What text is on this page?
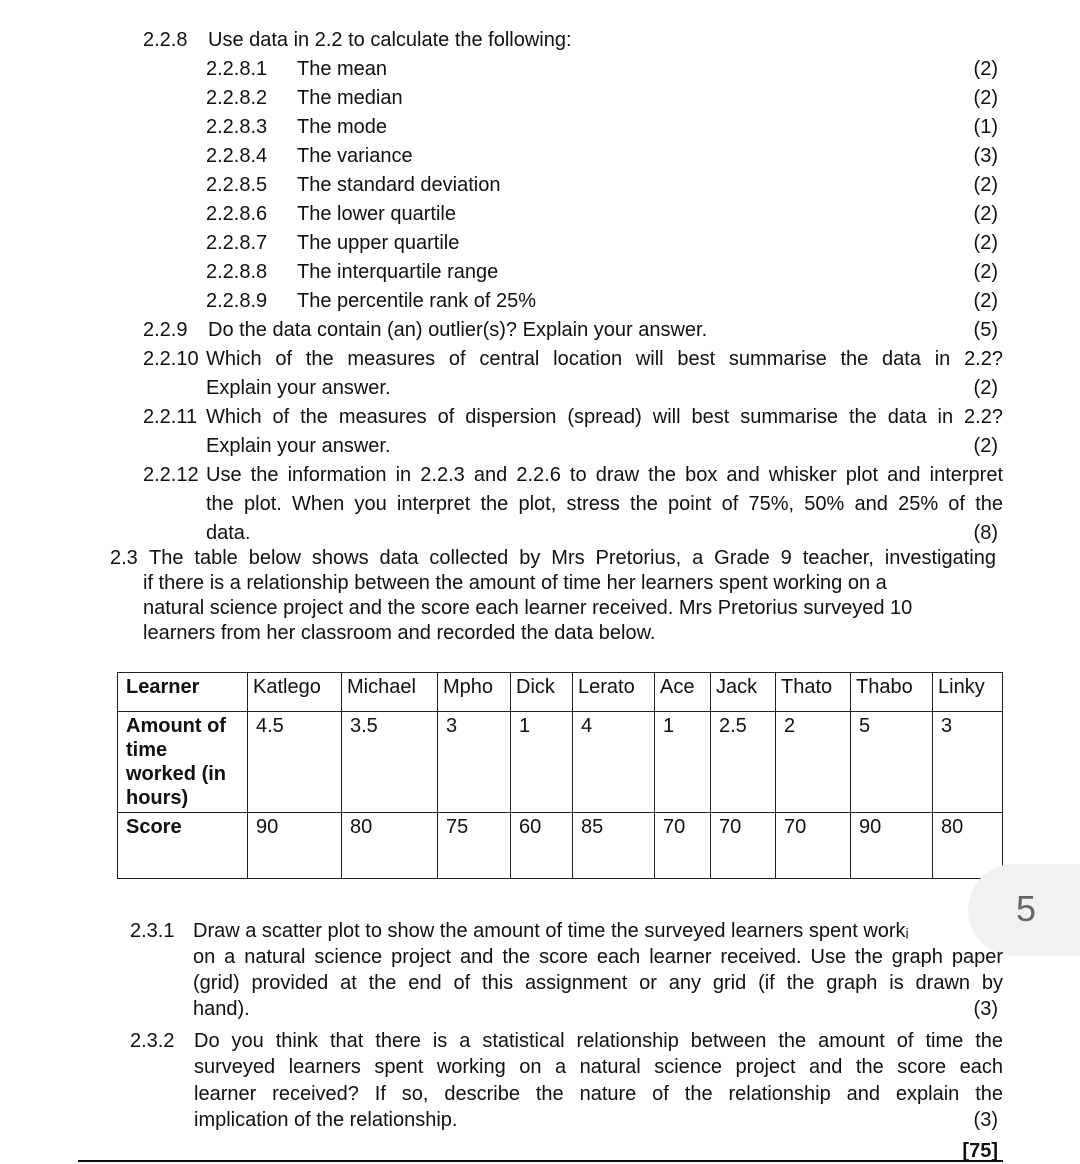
2.2.8 Use data in 2.2 to calculate the following:
2.2.8.1 The mean	(2)
2.2.8.2 The median	(2)
2.2.8.3 The mode	(1)
2.2.8.4 The variance	(3)
2.2.8.5 The standard deviation	(2)
2.2.8.6 The lower quartile	(2)
2.2.8.7 The upper quartile	(2)
2.2.8.8 The interquartile range	(2)
2.2.8.9 The percentile rank of 25%	(2)
2.2.9 Do the data contain (an) outlier(s)? Explain your answer.	(5)
2.2.10 Which of the measures of central location will best summarise the data in 2.2?
Explain your answer.	(2)
2.2.11 Which of the measures of dispersion (spread) will best summarise the data in 2.2?
Explain your answer.	(2)
2.2.12 Use the information in 2.2.3 and 2.2.6 to draw the box and whisker plot and interpret
the plot. When you interpret the plot, stress the point of 75%, 50% and 25% of the
data.	(8)
2.3 The table below shows data collected by Mrs Pretorius, a Grade 9 teacher, investigating
if there is a relationship between the amount of time her learners spent working on a
natural science project and the score each learner received. Mrs Pretorius surveyed 10
learners from her classroom and recorded the data below.
Learner	Katlego	Michael	Mpho	Dick	Lerato	Ace	Jack	Thato	Thabo	Linky
Amount of time worked (in hours)	4.5	3.5	3	1	4	1	2.5	2	5	3
Score	90	80	75	60	85	70	70	70	90	80
5
2.3.1 Draw a scatter plot to show the amount of time the surveyed learners spent workᵢ
on a natural science project and the score each learner received. Use the graph paper
(grid) provided at the end of this assignment or any grid (if the graph is drawn by
hand).	(3)
2.3.2 Do you think that there is a statistical relationship between the amount of time the
surveyed learners spent working on a natural science project and the score each
learner received? If so, describe the nature of the relationship and explain the
implication of the relationship.	(3)
[75]
